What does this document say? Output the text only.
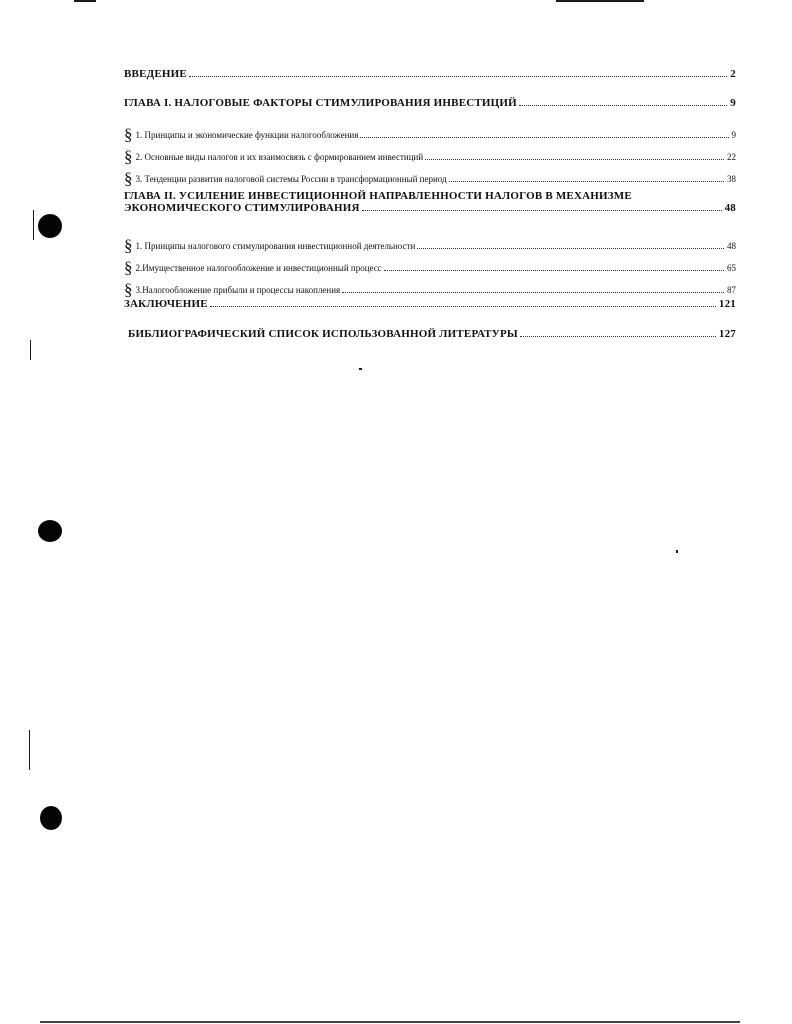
ВВЕДЕНИЕ	2
ГЛАВА I. НАЛОГОВЫЕ ФАКТОРЫ СТИМУЛИРОВАНИЯ ИНВЕСТИЦИЙ	9
§ 1. Принципы и экономические функции налогообложения	9
§ 2. Основные виды налогов и их взаимосвязь с формированием инвестиций	22
§ 3. Тенденции развития налоговой системы России в трансформационный период	38
ГЛАВА II. УСИЛЕНИЕ ИНВЕСТИЦИОННОЙ НАПРАВЛЕННОСТИ НАЛОГОВ В МЕХАНИЗМЕ
ЭКОНОМИЧЕСКОГО СТИМУЛИРОВАНИЯ	48
§ 1. Принципы налогового стимулирования инвестиционной деятельности	48
§ 2.Имущественное налогообложение и инвестиционный процесс	65
§ 3.Налогообложение прибыли и процессы накопления	87
ЗАКЛЮЧЕНИЕ	121
БИБЛИОГРАФИЧЕСКИЙ СПИСОК ИСПОЛЬЗОВАННОЙ ЛИТЕРАТУРЫ	127
